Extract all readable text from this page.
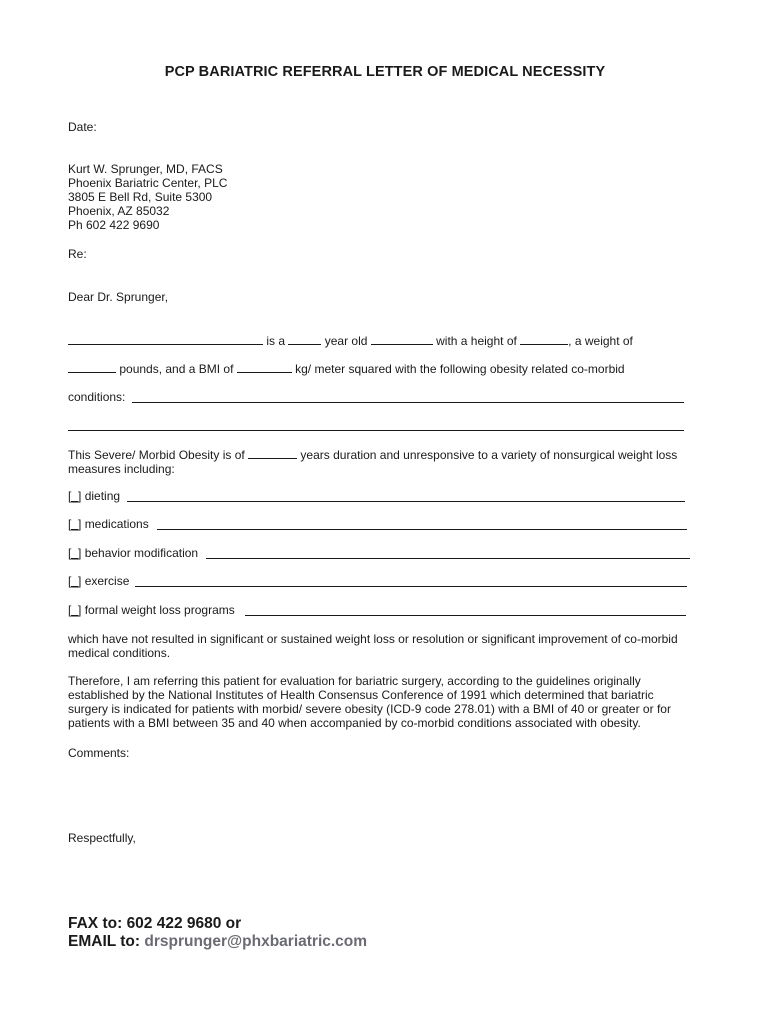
PCP BARIATRIC REFERRAL LETTER OF MEDICAL NECESSITY
Date:
Kurt W. Sprunger, MD, FACS
Phoenix Bariatric Center, PLC
3805 E Bell Rd, Suite 5300
Phoenix, AZ 85032
Ph 602 422 9690
Re:
Dear Dr. Sprunger,
is a	year old	with a height of	, a weight of
pounds, and a BMI of	kg/ meter squared with the following obesity related co-morbid
conditions:
This Severe/ Morbid Obesity is of	years duration and unresponsive to a variety of nonsurgical weight loss measures including:
[_] dieting
[_] medications
[_] behavior modification
[_] exercise
[_] formal weight loss programs
which have not resulted in significant or sustained weight loss or resolution or significant improvement of co-morbid medical conditions.
Therefore, I am referring this patient for evaluation for bariatric surgery, according to the guidelines originally established by the National Institutes of Health Consensus Conference of 1991 which determined that bariatric surgery is indicated for patients with morbid/ severe obesity (ICD-9 code 278.01) with a BMI of 40 or greater or for patients with a BMI between 35 and 40 when accompanied by co-morbid conditions associated with obesity.
Comments:
Respectfully,
FAX to: 602 422 9680 or
EMAIL to: drsprunger@phxbariatric.com
